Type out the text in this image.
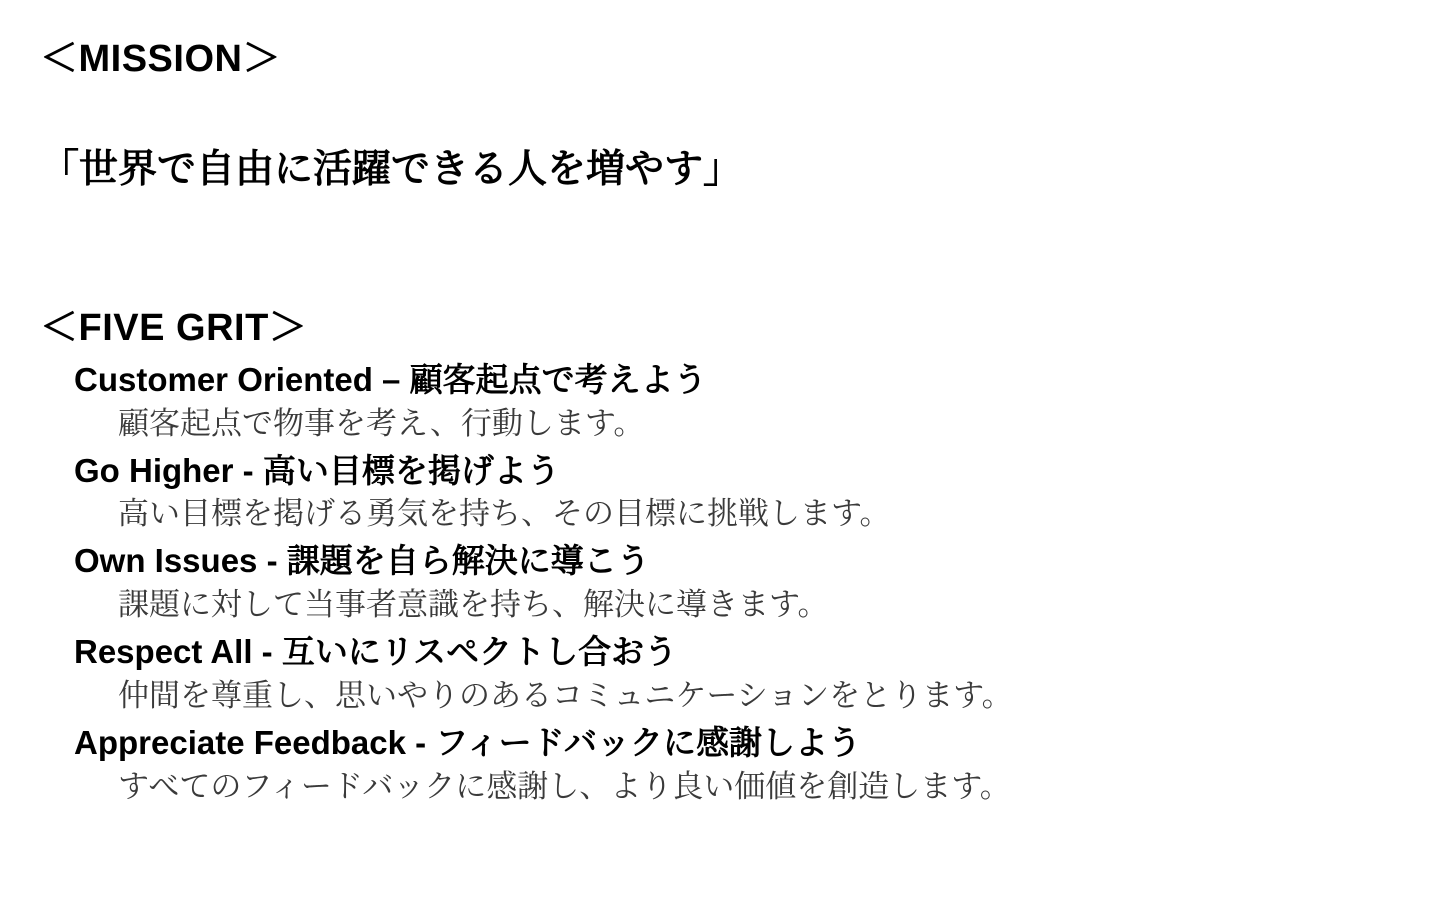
＜MISSION＞

「世界で自由に活躍できる人を増やす」

＜FIVE GRIT＞
Customer Oriented – 顧客起点で考えよう
顧客起点で物事を考え、行動します。
Go Higher - 高い目標を掲げよう
高い目標を掲げる勇気を持ち、その目標に挑戦します。
Own Issues - 課題を自ら解決に導こう
課題に対して当事者意識を持ち、解決に導きます。
Respect All - 互いにリスペクトし合おう
仲間を尊重し、思いやりのあるコミュニケーションをとります。
Appreciate Feedback - フィードバックに感謝しよう
すべてのフィードバックに感謝し、より良い価値を創造します。
